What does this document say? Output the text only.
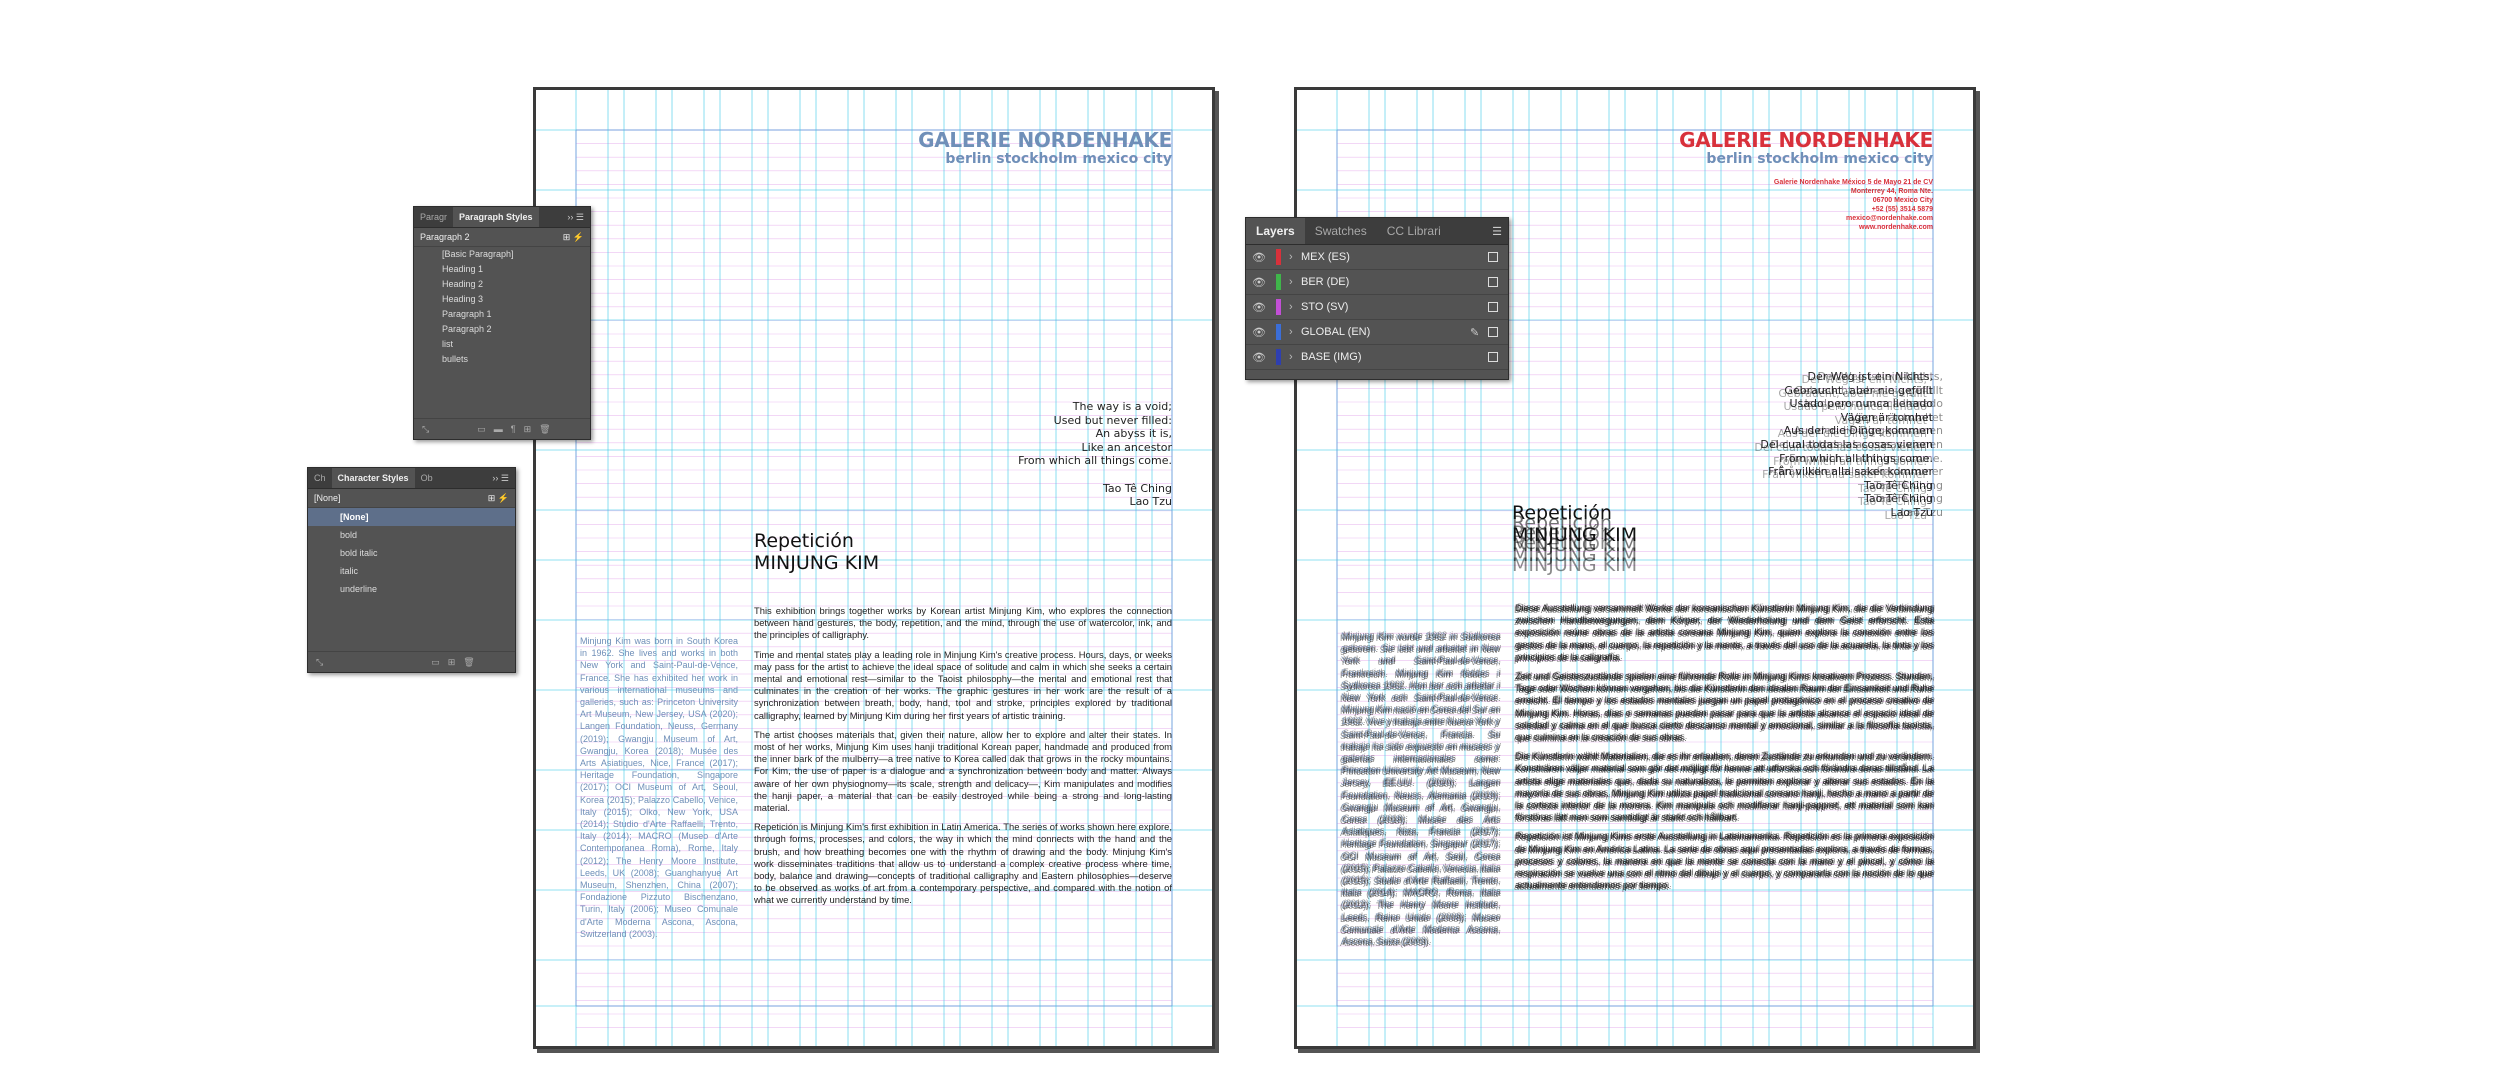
GALERIE NORDENHAKE
berlin stockholm mexico city
The way is a void;
Used but never filled:
An abyss it is,
Like an ancestor
From which all things come.

Tao Tê Ching
Lao Tzu
Repetición
MINJUNG KIM
Minjung Kim was born in South Korea in 1962. She lives and works in both New York and Saint-Paul-de-Vence, France. She has exhibited her work in various international museums and galleries, such as: Princeton University Art Museum, New Jersey, USA (2020); Langen Foundation, Neuss, Germany (2019); Gwangju Museum of Art, Gwangju, Korea (2018); Musée des Arts Asiatiques, Nice, France (2017); Heritage Foundation, Singapore (2017); OCI Museum of Art, Seoul, Korea (2015); Palazzo Cabello, Venice, Italy (2015); Olko, New York, USA (2014); Studio d'Arte Raffaelli, Trento, Italy (2014); MACRO (Museo d'Arte Contemporanea Roma), Rome, Italy (2012); The Henry Moore Institute, Leeds, UK (2008); Guanghanyue Art Museum, Shenzhen, China (2007); Fondazione Pizzuto Bischenzano, Turin, Italy (2006); Museo Comunale d'Arte Moderna Ascona, Ascona, Switzerland (2003).

This exhibition brings together works by Korean artist Minjung Kim, who explores the connection between hand gestures, the body, repetition, and the mind, through the use of watercolor, ink, and the principles of calligraphy.

Time and mental states play a leading role in Minjung Kim's creative process. Hours, days, or weeks may pass for the artist to achieve the ideal space of solitude and calm in which she seeks a certain mental and emotional rest—similar to the Taoist philosophy—the mental and emotional rest that culminates in the creation of her works. The graphic gestures in her work are the result of a synchronization between breath, body, hand, tool and stroke, principles explored by traditional calligraphy, learned by Minjung Kim during her first years of artistic training.

The artist chooses materials that, given their nature, allow her to explore and alter their states. In most of her works, Minjung Kim uses hanji traditional Korean paper, handmade and produced from the inner bark of the mulberry—a tree native to Korea called dak that grows in the rocky mountains. For Kim, the use of paper is a dialogue and a synchronization between body and matter. Always aware of her own physiognomy—its scale, strength and delicacy—, Kim manipulates and modifies the hanji paper, a material that can be easily destroyed while being a strong and long-lasting material.

Repetición is Minjung Kim's first exhibition in Latin America. The series of works shown here explore, through forms, processes, and colors, the way in which the mind connects with the hand and the brush, and how breathing becomes one with the rhythm of drawing and the body. Minjung Kim's work disseminates traditions that allow us to understand a complex creative process where time, body, balance and drawing—concepts of traditional calligraphy and Eastern philosophies—deserve to be observed as works of art from a contemporary perspective, and compared with the notion of what we currently understand by time.

GALERIE NORDENHAKE
berlin stockholm mexico city
Galerie Nordenhake México 5 de Mayo 21 de CV
Monterrey 44, Roma Nte.
06700 Mexico City
+52 (55) 3514 5879
mexico@nordenhake.com
www.nordenhake.com
Der Weg ist ein Nichts,
Gebraucht, aber nie gefüllt
Usado pero nunca llenado
Vägen är tomhet
Aus der die Dinge kommen
Del cual todas las cosas vienen
From which all things come.
Från vilken alla saker kommer
Tao Tê Ching
Tao Tê Ching
Lao Tzu
Repetición
MINJUNG KIM
Minjung Kim wurde 1962 in Südkorea geboren. Sie lebt und arbeitet in New York und Saint-Paul-de-Vence, Frankreich. Minjung Kim föddes i Sydkorea 1962. Hon bor och arbetar i New York och Saint-Paul-de-Vence. Minjung Kim nació en Corea del Sur en 1962. Vive y trabaja entre Nueva York y Saint-Paul-de-Vence, Francia. Su trabajo ha sido expuesto en museos y galerías internacionales como: Princeton University Art Museum, New Jersey, EE.UU. (2020); Langen Foundation, Neuss, Alemania (2019); Gwangju Museum of Art, Gwangju, Corea (2018); Musée des Arts Asiatiques, Niza, Francia (2017); Heritage Foundation, Singapur (2017); OCI Museum of Art, Seúl, Corea (2015); Palazzo Cabello, Venecia, Italia (2015); Studio d'Arte Raffaelli, Trento, Italia (2014); MACRO, Roma, Italia (2012); The Henry Moore Institute, Leeds, Reino Unido (2008); Museo Comunale d'Arte Moderna Ascona, Ascona, Suiza (2003).

Diese Ausstellung versammelt Werke der koreanischen Künstlerin Minjung Kim, die die Verbindung zwischen Handbewegungen, dem Körper, der Wiederholung und dem Geist erforscht. Esta exposición reúne obras de la artista coreana Minjung Kim, quien explora la conexión entre los gestos de la mano, el cuerpo, la repetición y la mente, a través del uso de la acuarela, la tinta y los principios de la caligrafía.

Zeit und Geisteszustände spielen eine führende Rolle in Minjung Kims kreativem Prozess. Stunden, Tage oder Wochen können vergehen, bis die Künstlerin den idealen Raum der Einsamkeit und Ruhe erreicht. El tiempo y los estados mentales juegan un papel protagónico en el proceso creativo de Minjung Kim. Horas, días o semanas pueden pasar para que la artista alcance el espacio ideal de soledad y calma en el que busca cierto descanso mental y emocional, similar a la filosofía taoísta, que culmina en la creación de sus obras.

Die Künstlerin wählt Materialien, die es ihr erlauben, deren Zustände zu erkunden und zu verändern. Konstnären väljer material som gör det möjligt för henne att utforska och förändra deras tillstånd. La artista elige materiales que, dada su naturaleza, le permiten explorar y alterar sus estados. En la mayoría de sus obras, Minjung Kim utiliza papel tradicional coreano hanji, hecho a mano a partir de la corteza interior de la morera. Kim manipula och modifierar hanji-pappret, ett material som kan förstöras lätt men som samtidigt är starkt och hållbart.

Repetición ist Minjung Kims erste Ausstellung in Lateinamerika. Repetición es la primera exposición de Minjung Kim en América Latina. La serie de obras aquí presentadas explora, a través de formas, procesos y colores, la manera en que la mente se conecta con la mano y el pincel, y cómo la respiración se vuelve una con el ritmo del dibujo y el cuerpo, y compararla con la noción de lo que actualmente entendemos por tiempo.

Paragr	Paragraph Styles	›› ☰
Paragraph 2	⊞ ⚡
[Basic Paragraph]
Heading 1
Heading 2
Heading 3
Paragraph 1
Paragraph 2
list
bullets
⤡	▭ ▬ ¶ ⊞ 🗑
Ch	Character Styles	Ob	›› ☰
[None]	⊞ ⚡
[None]
bold
bold italic
italic
underline
⤡	▭ ⊞ 🗑
Layers	Swatches	CC Librari	☰
👁	› MEX (ES)
👁	› BER (DE)
👁	› STO (SV)
👁	› GLOBAL (EN)	✎
👁	› BASE (IMG)
